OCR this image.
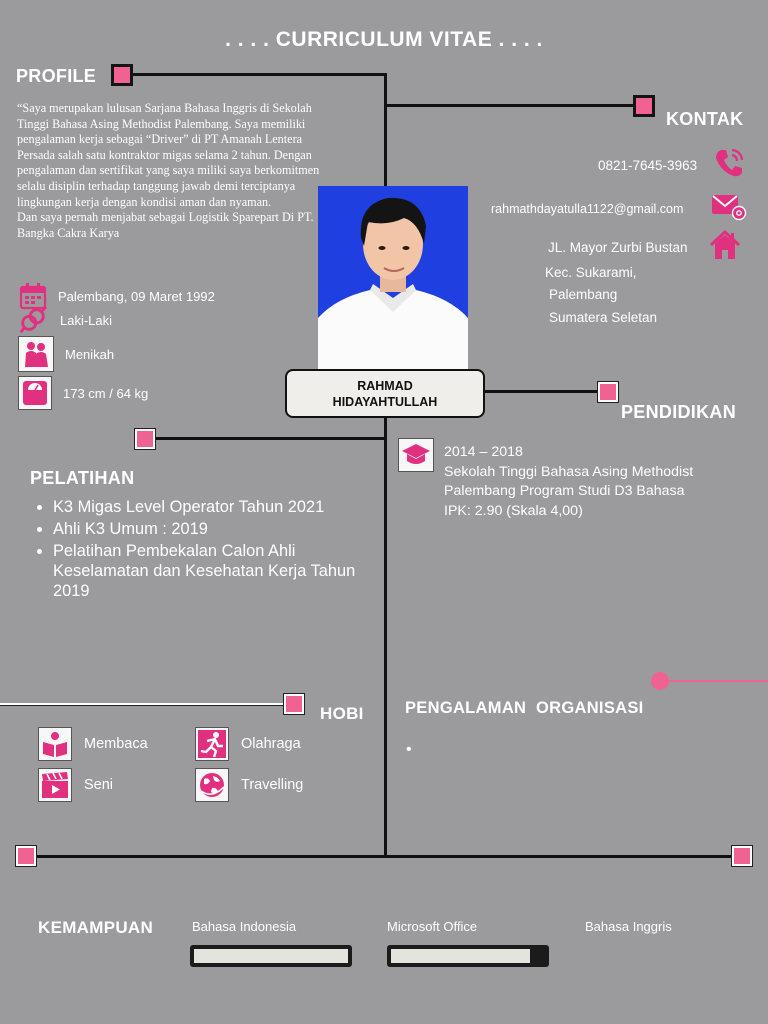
. . . . CURRICULUM VITAE . . . .
PROFILE

“Saya merupakan lulusan Sarjana Bahasa Inggris di Sekolah Tinggi Bahasa Asing Methodist Palembang. Saya memiliki pengalaman kerja sebagai “Driver” di PT Amanah Lentera Persada salah satu kontraktor migas selama 2 tahun. Dengan pengalaman dan sertifikat yang saya miliki saya berkomitmen selalu disiplin terhadap tanggung jawab demi terciptanya lingkungan kerja dengan kondisi aman dan nyaman.

Dan saya pernah menjabat sebagai Logistik Sparepart Di PT. Bangka Cakra Karya

Palembang, 09 Maret 1992
Laki-Laki
Menikah
173 cm / 64 kg
KONTAK
0821-7645-3963
rahmathdayatulla1122@gmail.com
JL. Mayor Zurbi Bustan
Kec. Sukarami,
Palembang
Sumatera Seletan
RAHMAD
HIDAYAHTULLAH	PENDIDIKAN
2014 – 2018
Sekolah Tinggi Bahasa Asing Methodist
Palembang Program Studi D3 Bahasa
IPK: 2.90 (Skala 4,00)
PELATIHAN
• K3 Migas Level Operator Tahun 2021
• Ahli K3 Umum : 2019
• Pelatihan Pembekalan Calon Ahli Keselamatan dan Kesehatan Kerja Tahun 2019
HOBI
Membaca	Olahraga
Seni	Travelling
PENGALAMAN  ORGANISASI
•
KEMAMPUAN	Bahasa Indonesia	Microsoft Office	Bahasa Inggris
